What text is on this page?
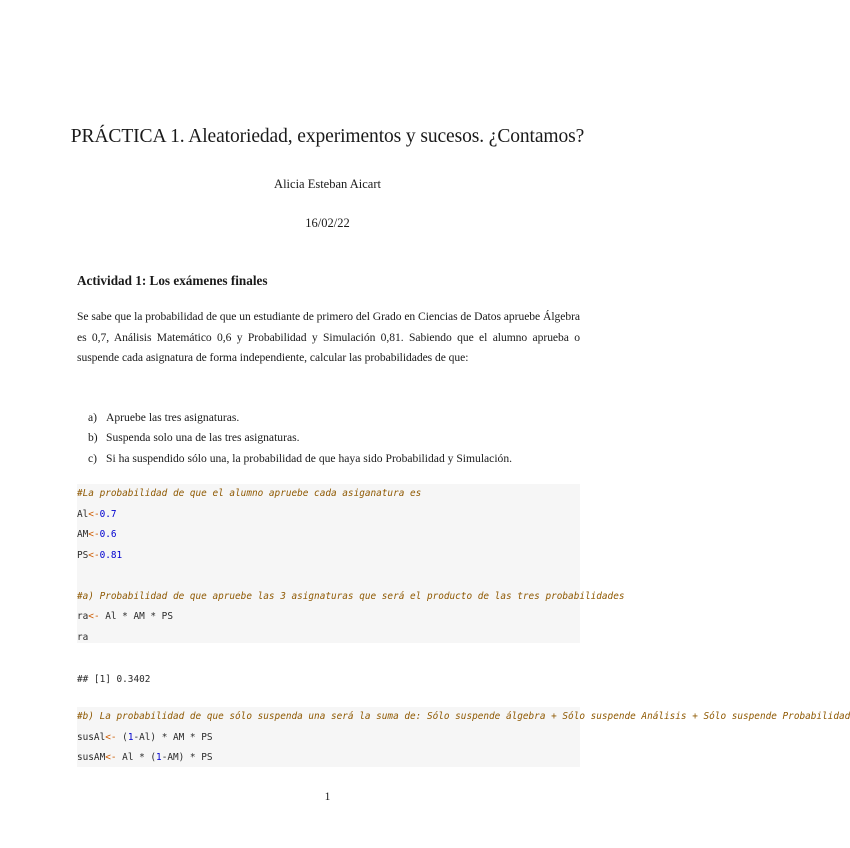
PRÁCTICA 1. Aleatoriedad, experimentos y sucesos. ¿Contamos?
Alicia Esteban Aicart
16/02/22
Actividad 1: Los exámenes finales
Se sabe que la probabilidad de que un estudiante de primero del Grado en Ciencias de Datos apruebe Álgebra es 0,7, Análisis Matemático 0,6 y Probabilidad y Simulación 0,81. Sabiendo que el alumno aprueba o suspende cada asignatura de forma independiente, calcular las probabilidades de que:
a) Apruebe las tres asignaturas.
b) Suspenda solo una de las tres asignaturas.
c) Si ha suspendido sólo una, la probabilidad de que haya sido Probabilidad y Simulación.
#La probabilidad de que el alumno apruebe cada asiganatura es
Al<-0.7
AM<-0.6
PS<-0.81
#a) Probabilidad de que apruebe las 3 asignaturas que será el producto de las tres probabilidades
ra<- Al * AM * PS
ra
## [1] 0.3402
#b) La probabilidad de que sólo suspenda una será la suma de: Sólo suspende álgebra + Sólo suspende Análisis + Sólo suspende Probabilidad
susAl<- (1-Al) * AM * PS
susAM<- Al * (1-AM) * PS
1
